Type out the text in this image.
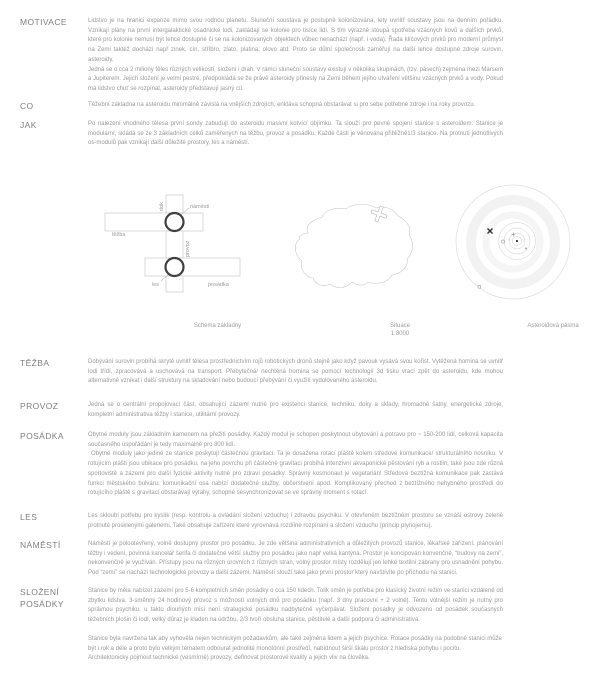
MOTIVACE	Lidstvo je na hranici expanze mimo svou rodnou planetu. Sluneční soustava je postupně kolonizována, lety uvnitř soustavy jsou na denním pořádku. Vznikají plány na první intergalaktické osadnické lodi, zakládají se kolonie pro tisíce lidí. S tím výrazně stoupá spotřeba vzácných kovů a dalších prvků, které pro kolonie nemusí být lehce dostupné či se na kolonizovaných objektech vůbec nenachází (např. i voda). Řada klíčových prvků pro moderní průmysl na Zemi taktéž dochází např zinek, cín, stříbro, zlato, platina, olovo atd. Proto se důlní společnosti zaměřují na další lehce dostupné zdroje surovin, asteroidy.

Jedná se o cca 2 miliony těles různých velikostí, složení i drah. V rámci sluneční soustavy existují v několika skupinách, (tzv. pásech) zejména mezi Marsem a Jupiterem. Jejich složení je velmi pestré, předpokládá se že právě asteroidy přinesly na Zemi během jejího utváření většinu vzácných prvků a vody. Pokud má lidstvo chuť se rozpínat, asteroidy představují jasný cíl.

CO	Těžební základna na asteroidu minimálně závislá na vnějších zdrojích, enkláva schopná obstarávat si pro sebe potřebné zdroje i na roky provozu.

JAK	Po nalezení vhodného tělesa první sondy zabudují do asteroidu masivní kotvící objímku. Ta slouží pro pevné spojení stanice s asteroidem. Stanice je modulární, skládá se ze 3 základních celků zaměřených na těžbu, provoz a posádku. Každé části je věnována přibližně1/3 stanice. Na protnutí jednotlivých os-modulů pak vznikají další důležité prostory, les a náměstí.

dok	náměstí
těžba
provoz
les	posádka
Schema základny	Situace
1:8000
Asteroidová pásma
TĚŽBA	Dobývání surovin probíhá skrytě uvnitř tělesa prostřednictvím rojů robotických dronů stejně jako když pavouk vysává svou kořist. Vytěžená hornina se uvnitř lodi třídí, zpracovává a uschovává na transport. Přebytečná/ nechtěná hornina se pomocí technologií 3d tisku vrací zpět do asteroidu, kde mohou alternativně vznikat i další struktury na skladování nebo budoucí přebývání či využití vydolovaného asteroidu.

PROVOZ	Jedná se o centrální propojovací část, obsahující zázemí nutné pro existenci stanice, techniku, doky a sklady, hromadné šatny, energetické zdroje, kompletní administrativa těžby i stanice, utilitární provozy.

POSÁDKA	Obytné moduly jsou základním kamenem na přežití posádky. Každý modul je schopen poskytnout ubytování a potravu pro ~ 150-200 lidí, celková kapacita současného uspořádání je tedy maximálně pro 800 lidí.

Obytné moduly jako jediné ze stanice poskytují částečnou gravitaci. Ta je dosažena rotací pláště kolem středové komunikace/ strukturálního nosníku. V rotujícím plášti jsou ubikace pro posádku, na jeho povrchu při částečné gravitaci probíhá intenzivní akvaponické pěstování ryb a rostlin, také jsou zde různá sportoviště a zázemí pro další fyzické aktivity nutné pro zdraví posádky. Správný kosmonaut je vegetarián! Středová beztížná komunikace pak zastává funkci městského bulváru, komunikační osa nabízí dodatečné služby, občerstvení apod. Komplikovaný přechod z beztížného nehybného prostředí do rotujícího pláště s gravitací obstarávají výtahy, schopné sesynchronizovat se ve správný moment s rotací.

LES	Les skloubí potřebu pro kyslík (resp. kontrolu a ovládání složení vzduchu) i zdravou psychiku. V otevřeném beztížném prostoru se vznáší ostrovy zeleně protnuté prosklenými galeriemi. Také obsahuje zařízení které vyrovnává rozdílné rozpínání a složení vzduchu (princip plynojemu).

NÁMĚSTÍ	Náměstí je polootevřený, volně dostupný prostor pro posádku. Je zde většina administrativních a důležitých provozů stanice, lékařské zařízení, plánování těžby i vedení, povinná kancelář šerifa či dodatečné větší služby pro posádku jako např velká kantýna. Prostor je koncipován konvenčně, “budovy na zemi”, nekonvenčně je využíván. Přístupy jsou na různých úrovních z různých stran, volný prostor místy rozdělují jen lehké textilní zábrany pro usnadnění pohybu. Pod “zemí” se nachází technologické provozy a další zázemí. Náměstí slouží také jako první prostor který navštívíte po příchodu na stanici.

SLOŽENÍ POSÁDKY

Stanice by měla nabízet zázemí pro 5-6 kompletních směn posádky o cca 150 lidech. Tolik směn je potřeba pro klasický životní režim ve stanici vzdálené od zbytku lidstva. 3-směnný 24 hodinový provoz s možností volných dnů pro posádku (např. 3 dny pracovní + 2 volné). Tento volnější režim je nutný pro správnou psychiku, u takto dlouhých misí není strategické posádku nadbytečně vyčerpávat. Složení posádky je odvozeno od posádek současných těžebních plošin či lodí, velký důraz je kladen na údržbu, 2/3 tvoří obsluha stanice, pěstitelé a další podpora či administrativa.

Stanice byla navržena tak aby vyhověla nejen technickým požadavkům, ale také zejména lidem a jejich psychice. Rotace posádky na podobné stanici může být i rok a déle a proto bylo velkým tématem odbourat jednolité monotónní prostředí, nabídnout širší škálu prostor z hlediska pohybu i pocitu.

Architektonicky pojmout technické (vesmírné) provozy, definovat prostorové kvality a jejich vliv na člověka.
